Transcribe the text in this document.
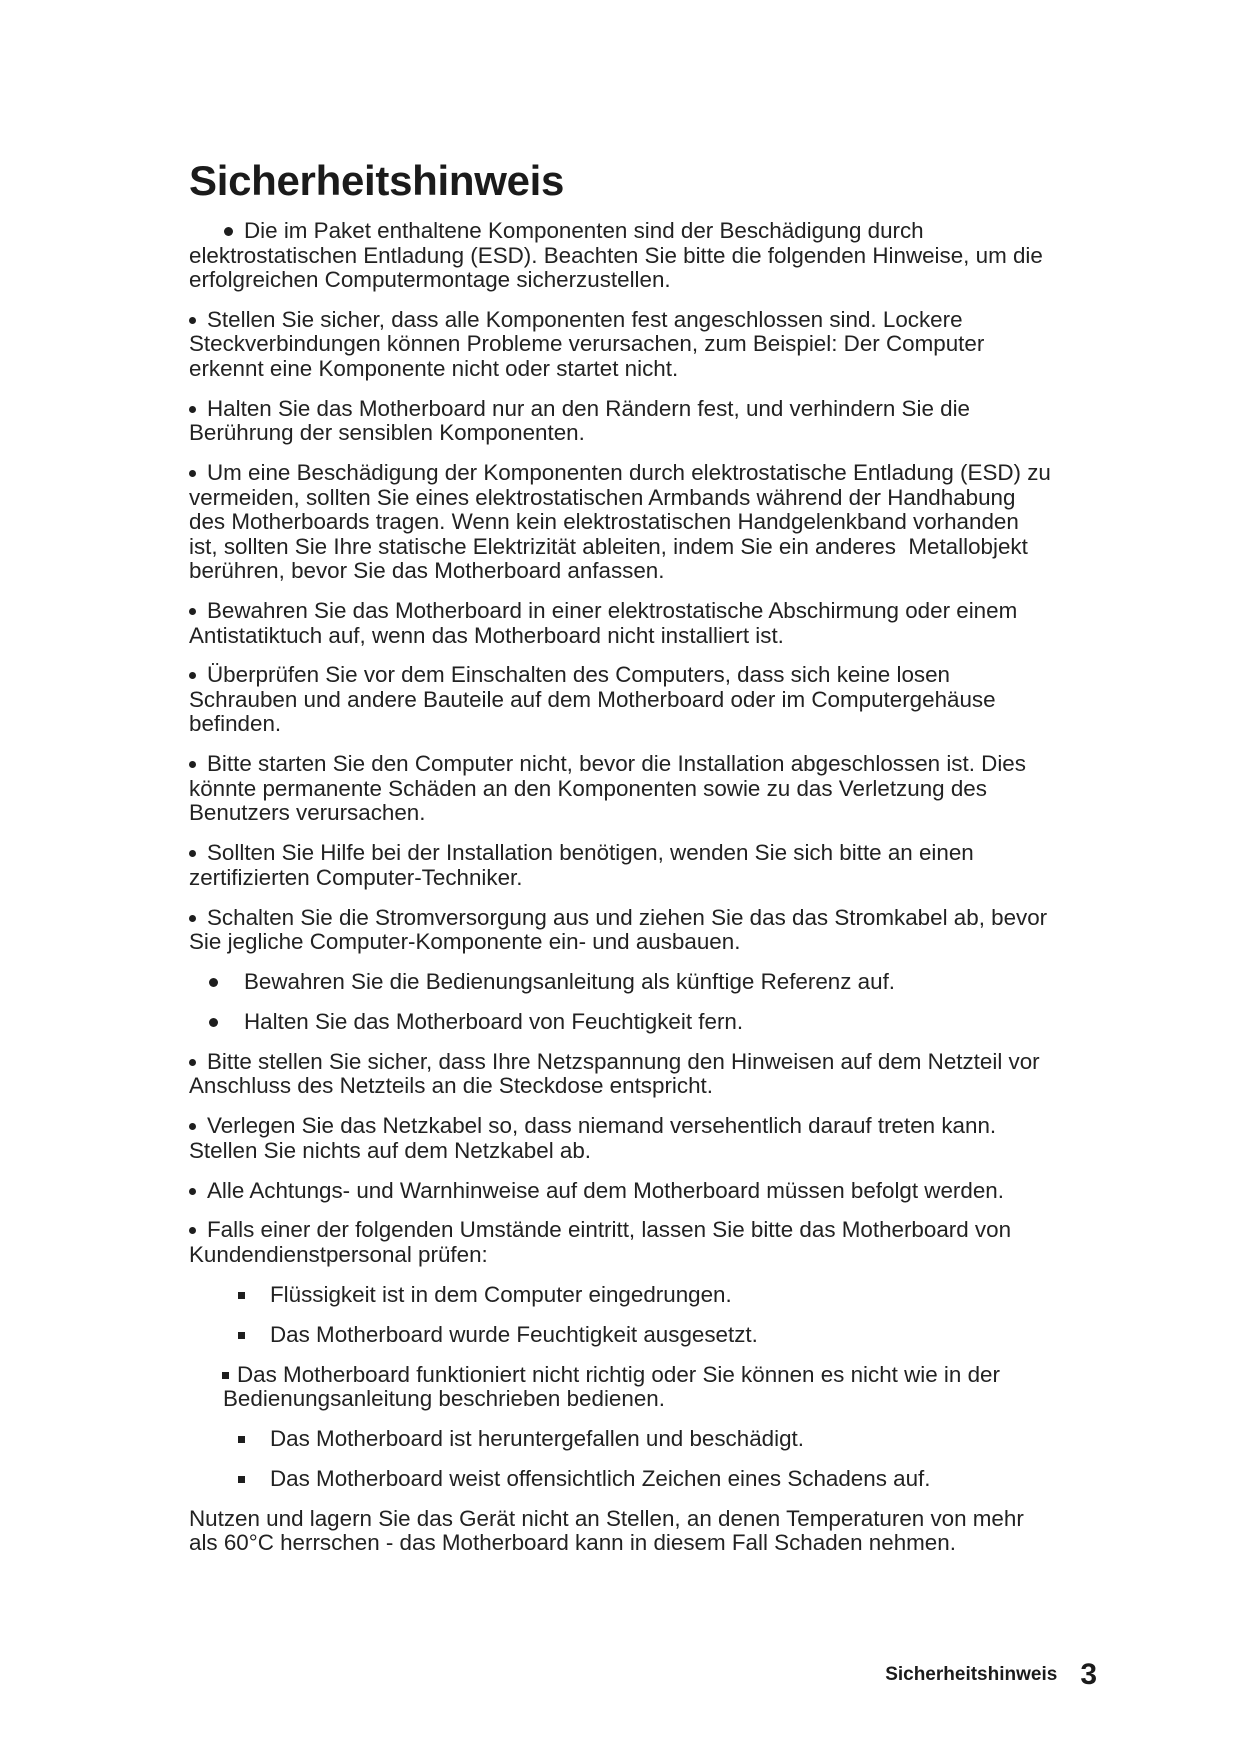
Sicherheitshinweis
Die im Paket enthaltene Komponenten sind der Beschädigung durch
elektrostatischen Entladung (ESD). Beachten Sie bitte die folgenden Hinweise, um die
erfolgreichen Computermontage sicherzustellen.
Stellen Sie sicher, dass alle Komponenten fest angeschlossen sind. Lockere
Steckverbindungen können Probleme verursachen, zum Beispiel: Der Computer
erkennt eine Komponente nicht oder startet nicht.
Halten Sie das Motherboard nur an den Rändern fest, und verhindern Sie die
Berührung der sensiblen Komponenten.
Um eine Beschädigung der Komponenten durch elektrostatische Entladung (ESD) zu
vermeiden, sollten Sie eines elektrostatischen Armbands während der Handhabung
des Motherboards tragen. Wenn kein elektrostatischen Handgelenkband vorhanden
ist, sollten Sie Ihre statische Elektrizität ableiten, indem Sie ein anderes  Metallobjekt
berühren, bevor Sie das Motherboard anfassen.
Bewahren Sie das Motherboard in einer elektrostatische Abschirmung oder einem
Antistatiktuch auf, wenn das Motherboard nicht installiert ist.
Überprüfen Sie vor dem Einschalten des Computers, dass sich keine losen
Schrauben und andere Bauteile auf dem Motherboard oder im Computergehäuse
befinden.
Bitte starten Sie den Computer nicht, bevor die Installation abgeschlossen ist. Dies
könnte permanente Schäden an den Komponenten sowie zu das Verletzung des
Benutzers verursachen.
Sollten Sie Hilfe bei der Installation benötigen, wenden Sie sich bitte an einen
zertifizierten Computer-Techniker.
Schalten Sie die Stromversorgung aus und ziehen Sie das das Stromkabel ab, bevor
Sie jegliche Computer-Komponente ein- und ausbauen.
Bewahren Sie die Bedienungsanleitung als künftige Referenz auf.
Halten Sie das Motherboard von Feuchtigkeit fern.
Bitte stellen Sie sicher, dass Ihre Netzspannung den Hinweisen auf dem Netzteil vor
Anschluss des Netzteils an die Steckdose entspricht.
Verlegen Sie das Netzkabel so, dass niemand versehentlich darauf treten kann.
Stellen Sie nichts auf dem Netzkabel ab.
Alle Achtungs- und Warnhinweise auf dem Motherboard müssen befolgt werden.
Falls einer der folgenden Umstände eintritt, lassen Sie bitte das Motherboard von
Kundendienstpersonal prüfen:
Flüssigkeit ist in dem Computer eingedrungen.
Das Motherboard wurde Feuchtigkeit ausgesetzt.
Das Motherboard funktioniert nicht richtig oder Sie können es nicht wie in der
Bedienungsanleitung beschrieben bedienen.
Das Motherboard ist heruntergefallen und beschädigt.
Das Motherboard weist offensichtlich Zeichen eines Schadens auf.
Nutzen und lagern Sie das Gerät nicht an Stellen, an denen Temperaturen von mehr
als 60°C herrschen - das Motherboard kann in diesem Fall Schaden nehmen.
Sicherheitshinweis 3
